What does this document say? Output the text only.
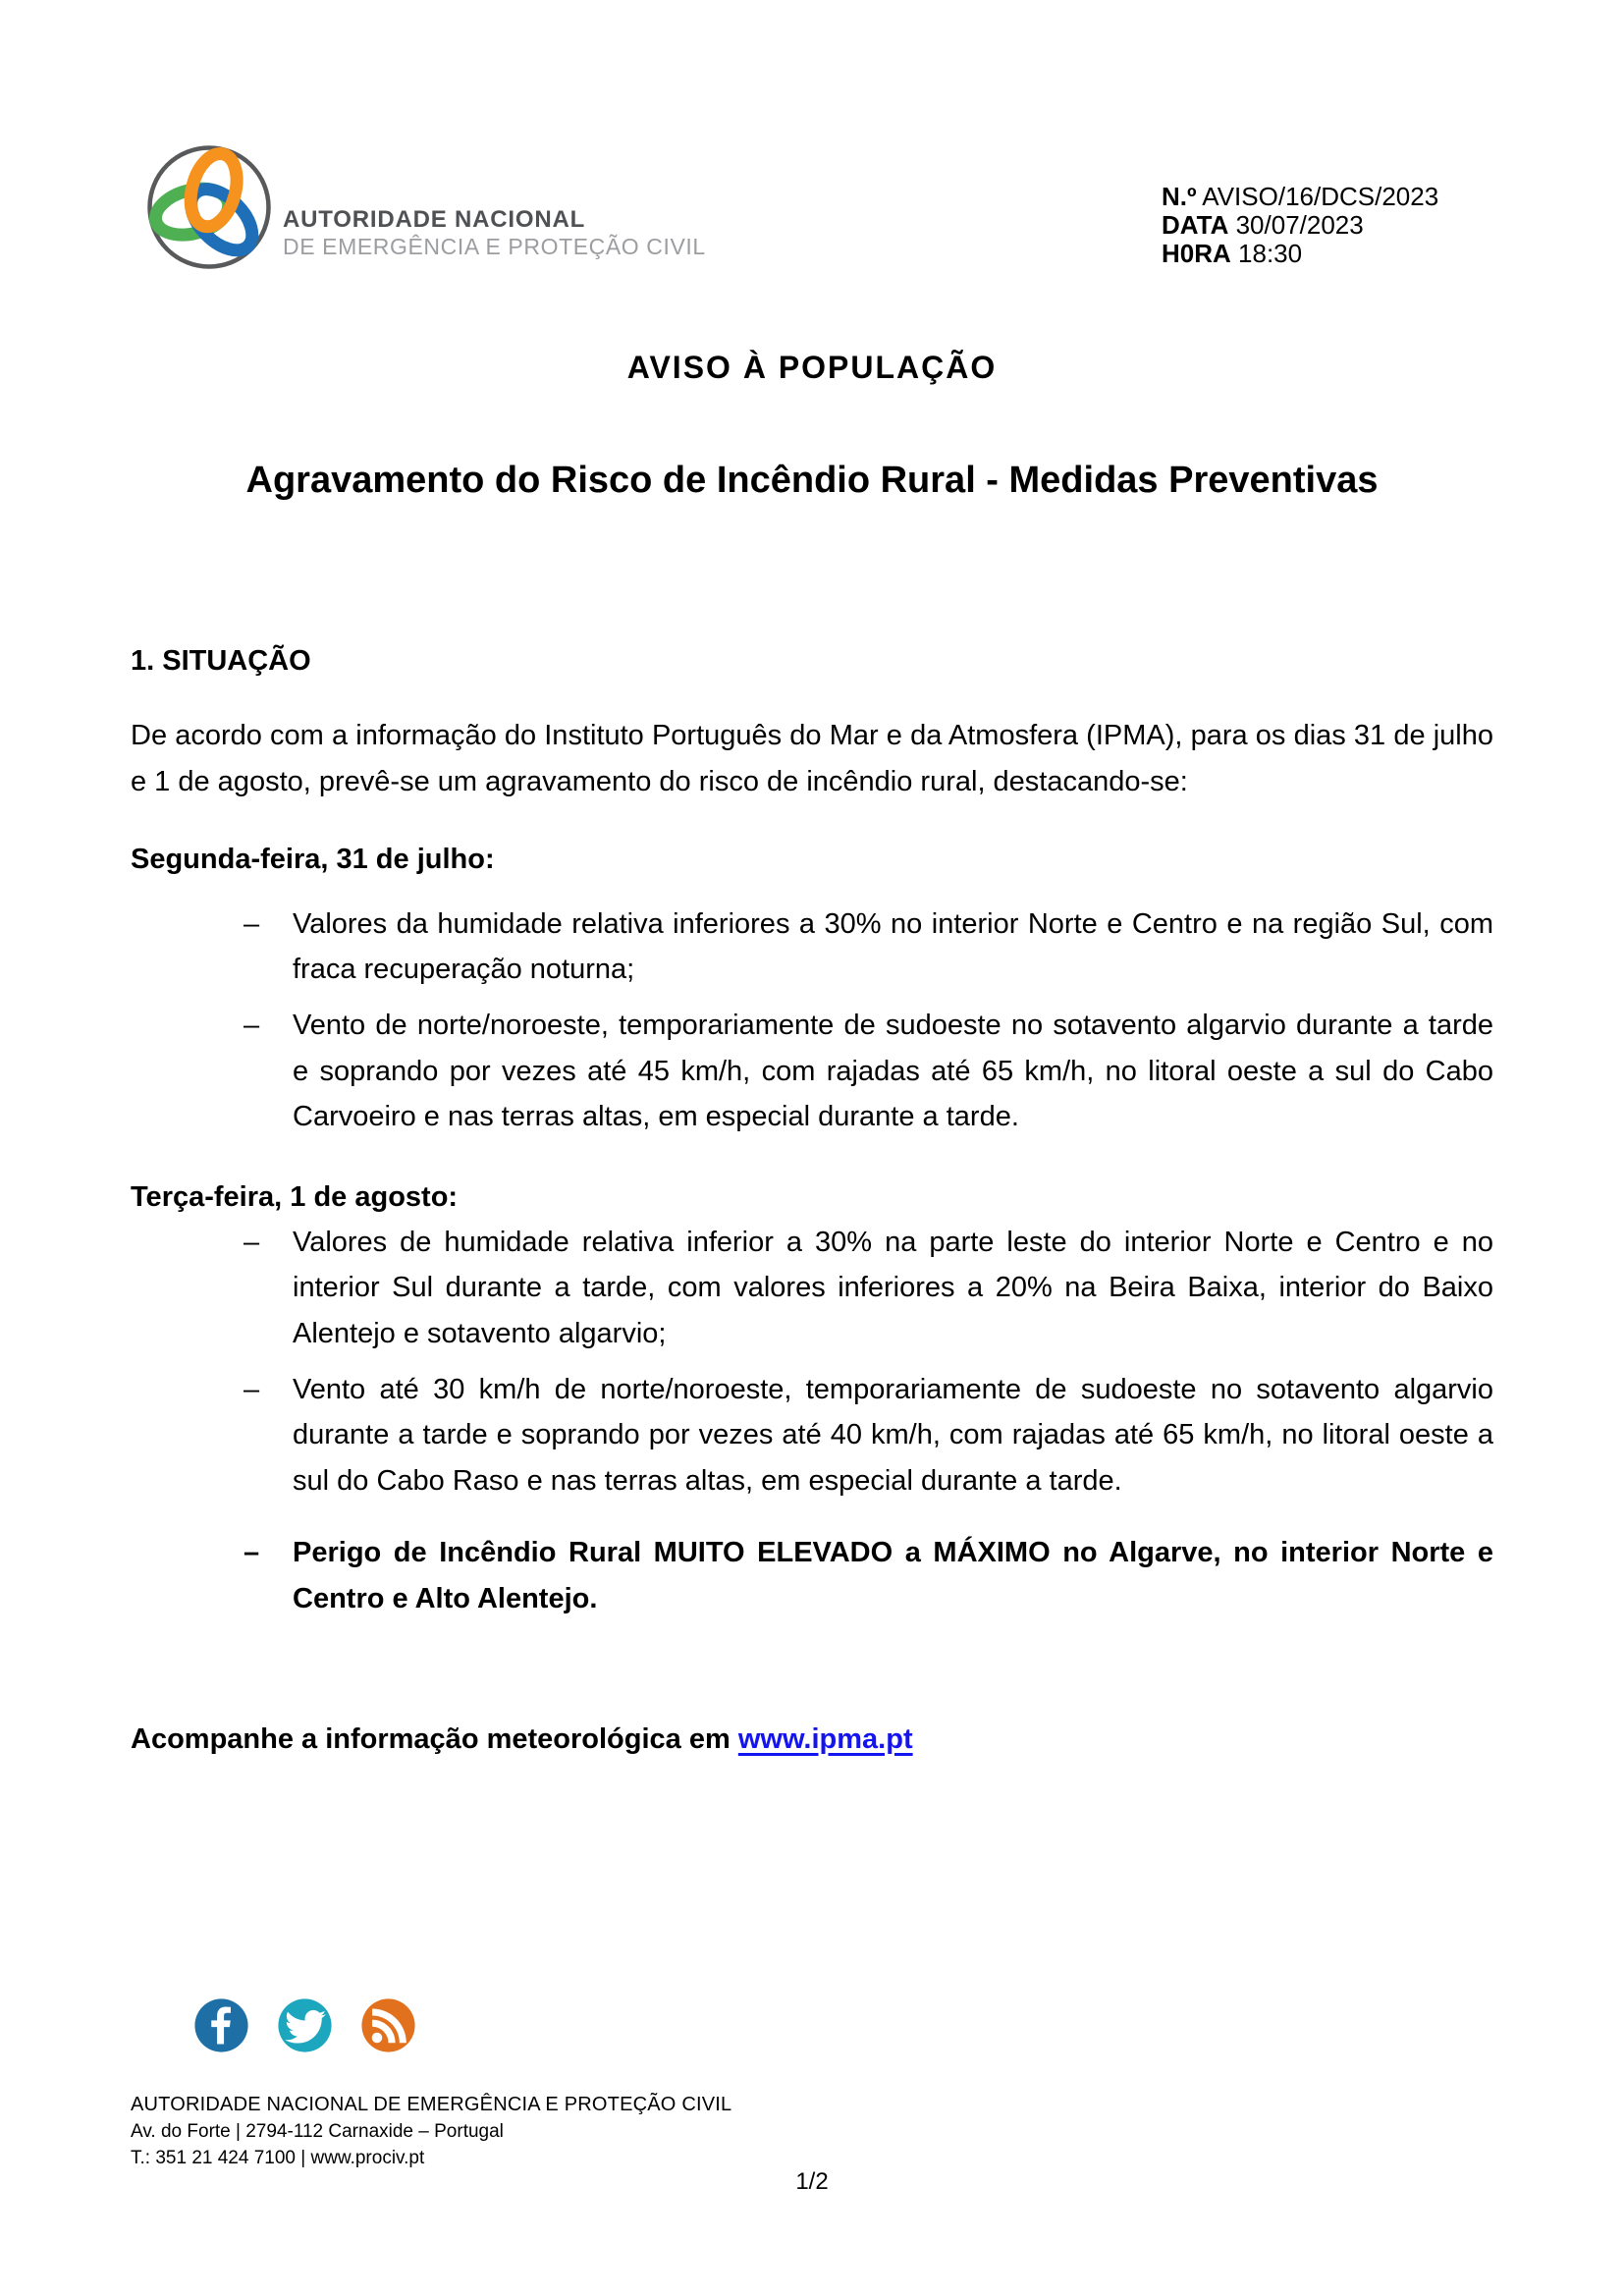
AUTORIDADE NACIONAL
DE EMERGÊNCIA E PROTEÇÃO CIVIL
N.º AVISO/16/DCS/2023
DATA 30/07/2023
H0RA 18:30
AVISO À POPULAÇÃO
Agravamento do Risco de Incêndio Rural - Medidas Preventivas
1. SITUAÇÃO

De acordo com a informação do Instituto Português do Mar e da Atmosfera (IPMA), para os dias 31 de julho e 1 de agosto, prevê-se um agravamento do risco de incêndio rural, destacando-se:

Segunda-feira, 31 de julho:
–
Valores da humidade relativa inferiores a 30% no interior Norte e Centro e na região Sul, com fraca recuperação noturna;
–
Vento de norte/noroeste, temporariamente de sudoeste no sotavento algarvio durante a tarde e soprando por vezes até 45 km/h, com rajadas até 65 km/h, no litoral oeste a sul do Cabo Carvoeiro e nas terras altas, em especial durante a tarde.
Terça-feira, 1 de agosto:
–
Valores de humidade relativa inferior a 30% na parte leste do interior Norte e Centro e no interior Sul durante a tarde, com valores inferiores a 20% na Beira Baixa, interior do Baixo Alentejo e sotavento algarvio;
–
Vento até 30 km/h de norte/noroeste, temporariamente de sudoeste no sotavento algarvio durante a tarde e soprando por vezes até 40 km/h, com rajadas até 65 km/h, no litoral oeste a sul do Cabo Raso e nas terras altas, em especial durante a tarde.
–
Perigo de Incêndio Rural MUITO ELEVADO a MÁXIMO no Algarve, no interior Norte e Centro e Alto Alentejo.

Acompanhe a informação meteorológica em www.ipma.pt

AUTORIDADE NACIONAL DE EMERGÊNCIA E PROTEÇÃO CIVIL
Av. do Forte | 2794-112 Carnaxide – Portugal
T.: 351 21 424 7100 | www.prociv.pt
1/2
